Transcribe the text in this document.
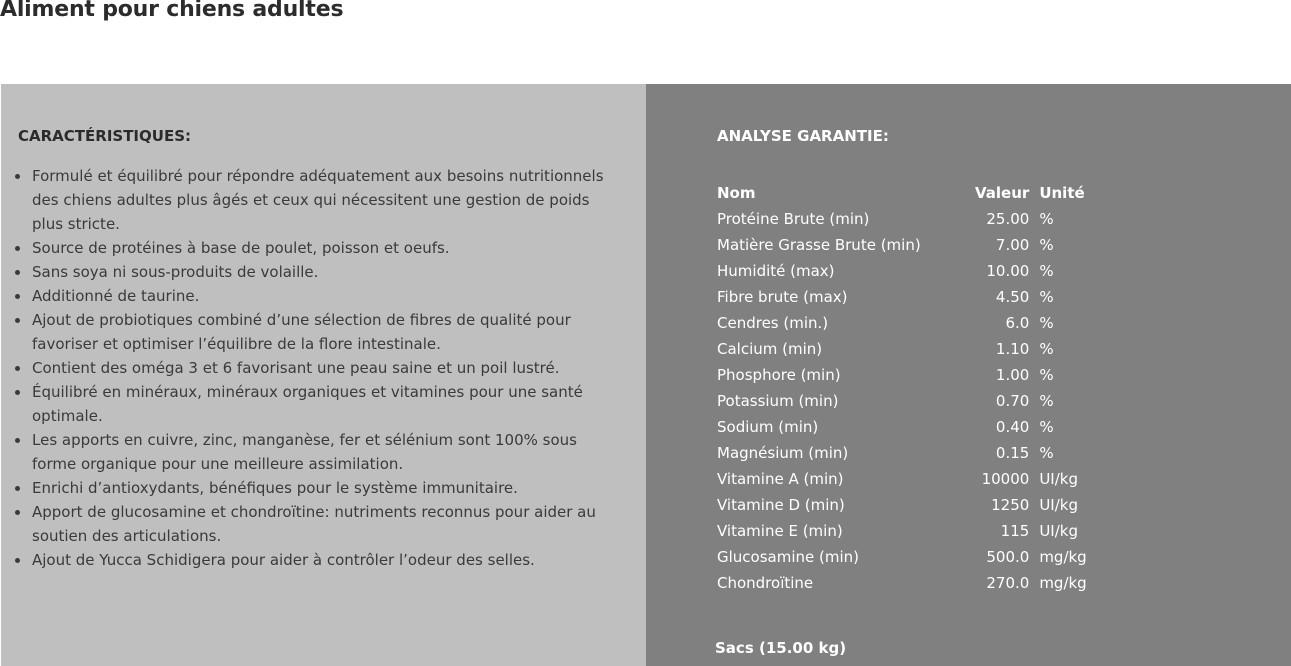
Aliment pour chiens adultes
CARACTÉRISTIQUES:
Formulé et équilibré pour répondre adéquatement aux besoins nutritionnels des chiens adultes plus âgés et ceux qui nécessitent une gestion de poids plus stricte.
Source de protéines à base de poulet, poisson et oeufs.
Sans soya ni sous-produits de volaille.
Additionné de taurine.
Ajout de probiotiques combiné d’une sélection de fibres de qualité pour favoriser et optimiser l’équilibre de la flore intestinale.
Contient des oméga 3 et 6 favorisant une peau saine et un poil lustré.
Équilibré en minéraux, minéraux organiques et vitamines pour une santé optimale.
Les apports en cuivre, zinc, manganèse, fer et sélénium sont 100% sous forme organique pour une meilleure assimilation.
Enrichi d’antioxydants, bénéfiques pour le système immunitaire.
Apport de glucosamine et chondroïtine: nutriments reconnus pour aider au soutien des articulations.
Ajout de Yucca Schidigera pour aider à contrôler l’odeur des selles.
ANALYSE GARANTIE:
Nom	Valeur	Unité
Protéine Brute (min)	25.00	%
Matière Grasse Brute (min)	7.00	%
Humidité (max)	10.00	%
Fibre brute (max)	4.50	%
Cendres (min.)	6.0	%
Calcium (min)	1.10	%
Phosphore (min)	1.00	%
Potassium (min)	0.70	%
Sodium (min)	0.40	%
Magnésium (min)	0.15	%
Vitamine A (min)	10000	UI/kg
Vitamine D (min)	1250	UI/kg
Vitamine E (min)	115	UI/kg
Glucosamine (min)	500.0	mg/kg
Chondroïtine	270.0	mg/kg

Sacs (15.00 kg)
